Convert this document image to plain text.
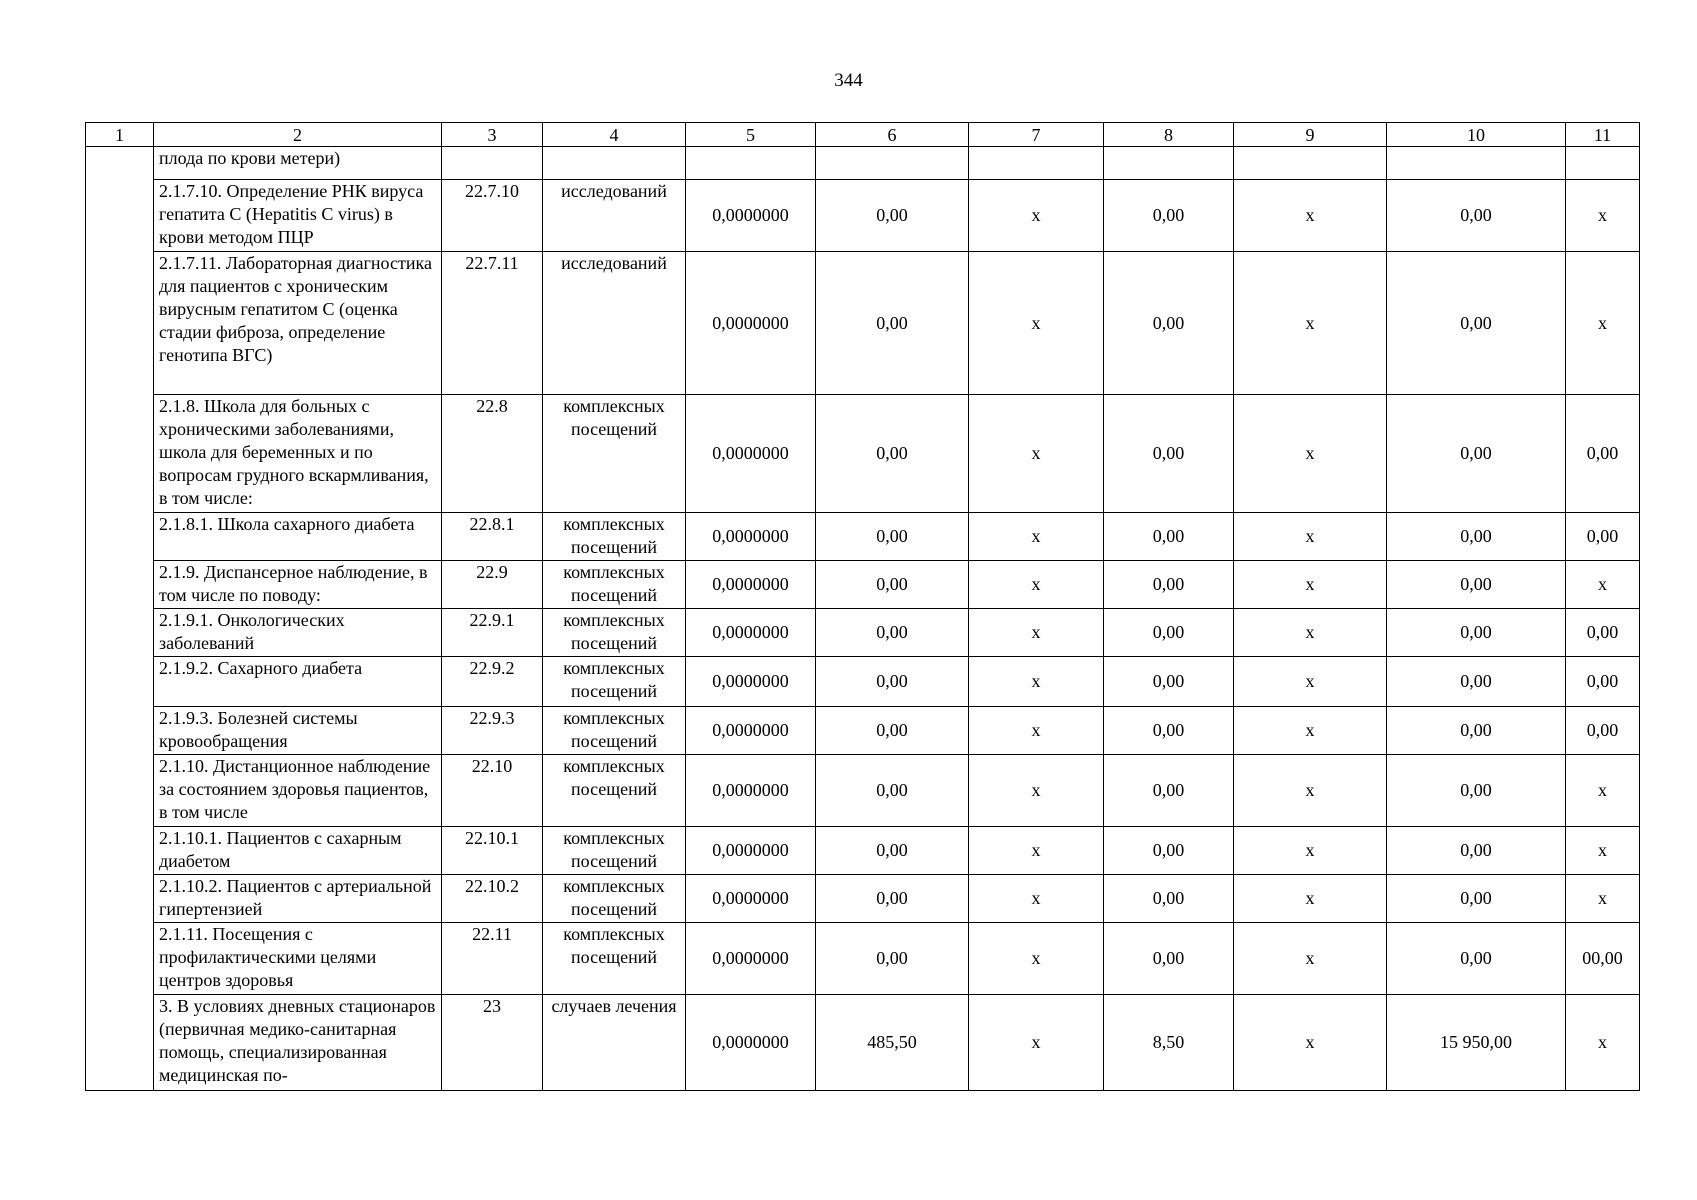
344
1	2	3	4	5	6	7	8	9	10	11
	плода по крови метери)									
	2.1.7.10. Определение РНК вируса гепатита С (Hepatitis С virus) в крови методом ПЦР	22.7.10	исследований	0,0000000	0,00	х	0,00	х	0,00	х
	2.1.7.11. Лабораторная диагностика для пациентов с хроническим вирусным гепатитом С (оценка стадии фиброза, определение генотипа ВГС)	22.7.11	исследований	0,0000000	0,00	х	0,00	х	0,00	х
	2.1.8. Школа для больных с хроническими заболеваниями, школа для беременных и по вопросам грудного вскармливания, в том числе:	22.8	комплексных посещений	0,0000000	0,00	х	0,00	х	0,00	0,00
	2.1.8.1. Школа сахарного диабета	22.8.1	комплексных посещений	0,0000000	0,00	х	0,00	х	0,00	0,00
	2.1.9. Диспансерное наблюдение, в том числе по поводу:	22.9	комплексных посещений	0,0000000	0,00	х	0,00	х	0,00	х
	2.1.9.1. Онкологических заболеваний	22.9.1	комплексных посещений	0,0000000	0,00	х	0,00	х	0,00	0,00
	2.1.9.2. Сахарного диабета	22.9.2	комплексных посещений	0,0000000	0,00	х	0,00	х	0,00	0,00
	2.1.9.3. Болезней системы кровообращения	22.9.3	комплексных посещений	0,0000000	0,00	х	0,00	х	0,00	0,00
	2.1.10. Дистанционное наблюдение за состоянием здоровья пациентов, в том числе	22.10	комплексных посещений	0,0000000	0,00	х	0,00	х	0,00	х
	2.1.10.1. Пациентов с сахарным диабетом	22.10.1	комплексных посещений	0,0000000	0,00	х	0,00	х	0,00	х
	2.1.10.2. Пациентов с артериальной гипертензией	22.10.2	комплексных посещений	0,0000000	0,00	х	0,00	х	0,00	х
	2.1.11. Посещения с профилактическими целями центров здоровья	22.11	комплексных посещений	0,0000000	0,00	х	0,00	х	0,00	00,00
	3. В условиях дневных стационаров (первичная медико-санитарная помощь, специализированная медицинская по-	23	случаев лечения	0,0000000	485,50	х	8,50	х	15 950,00	х
